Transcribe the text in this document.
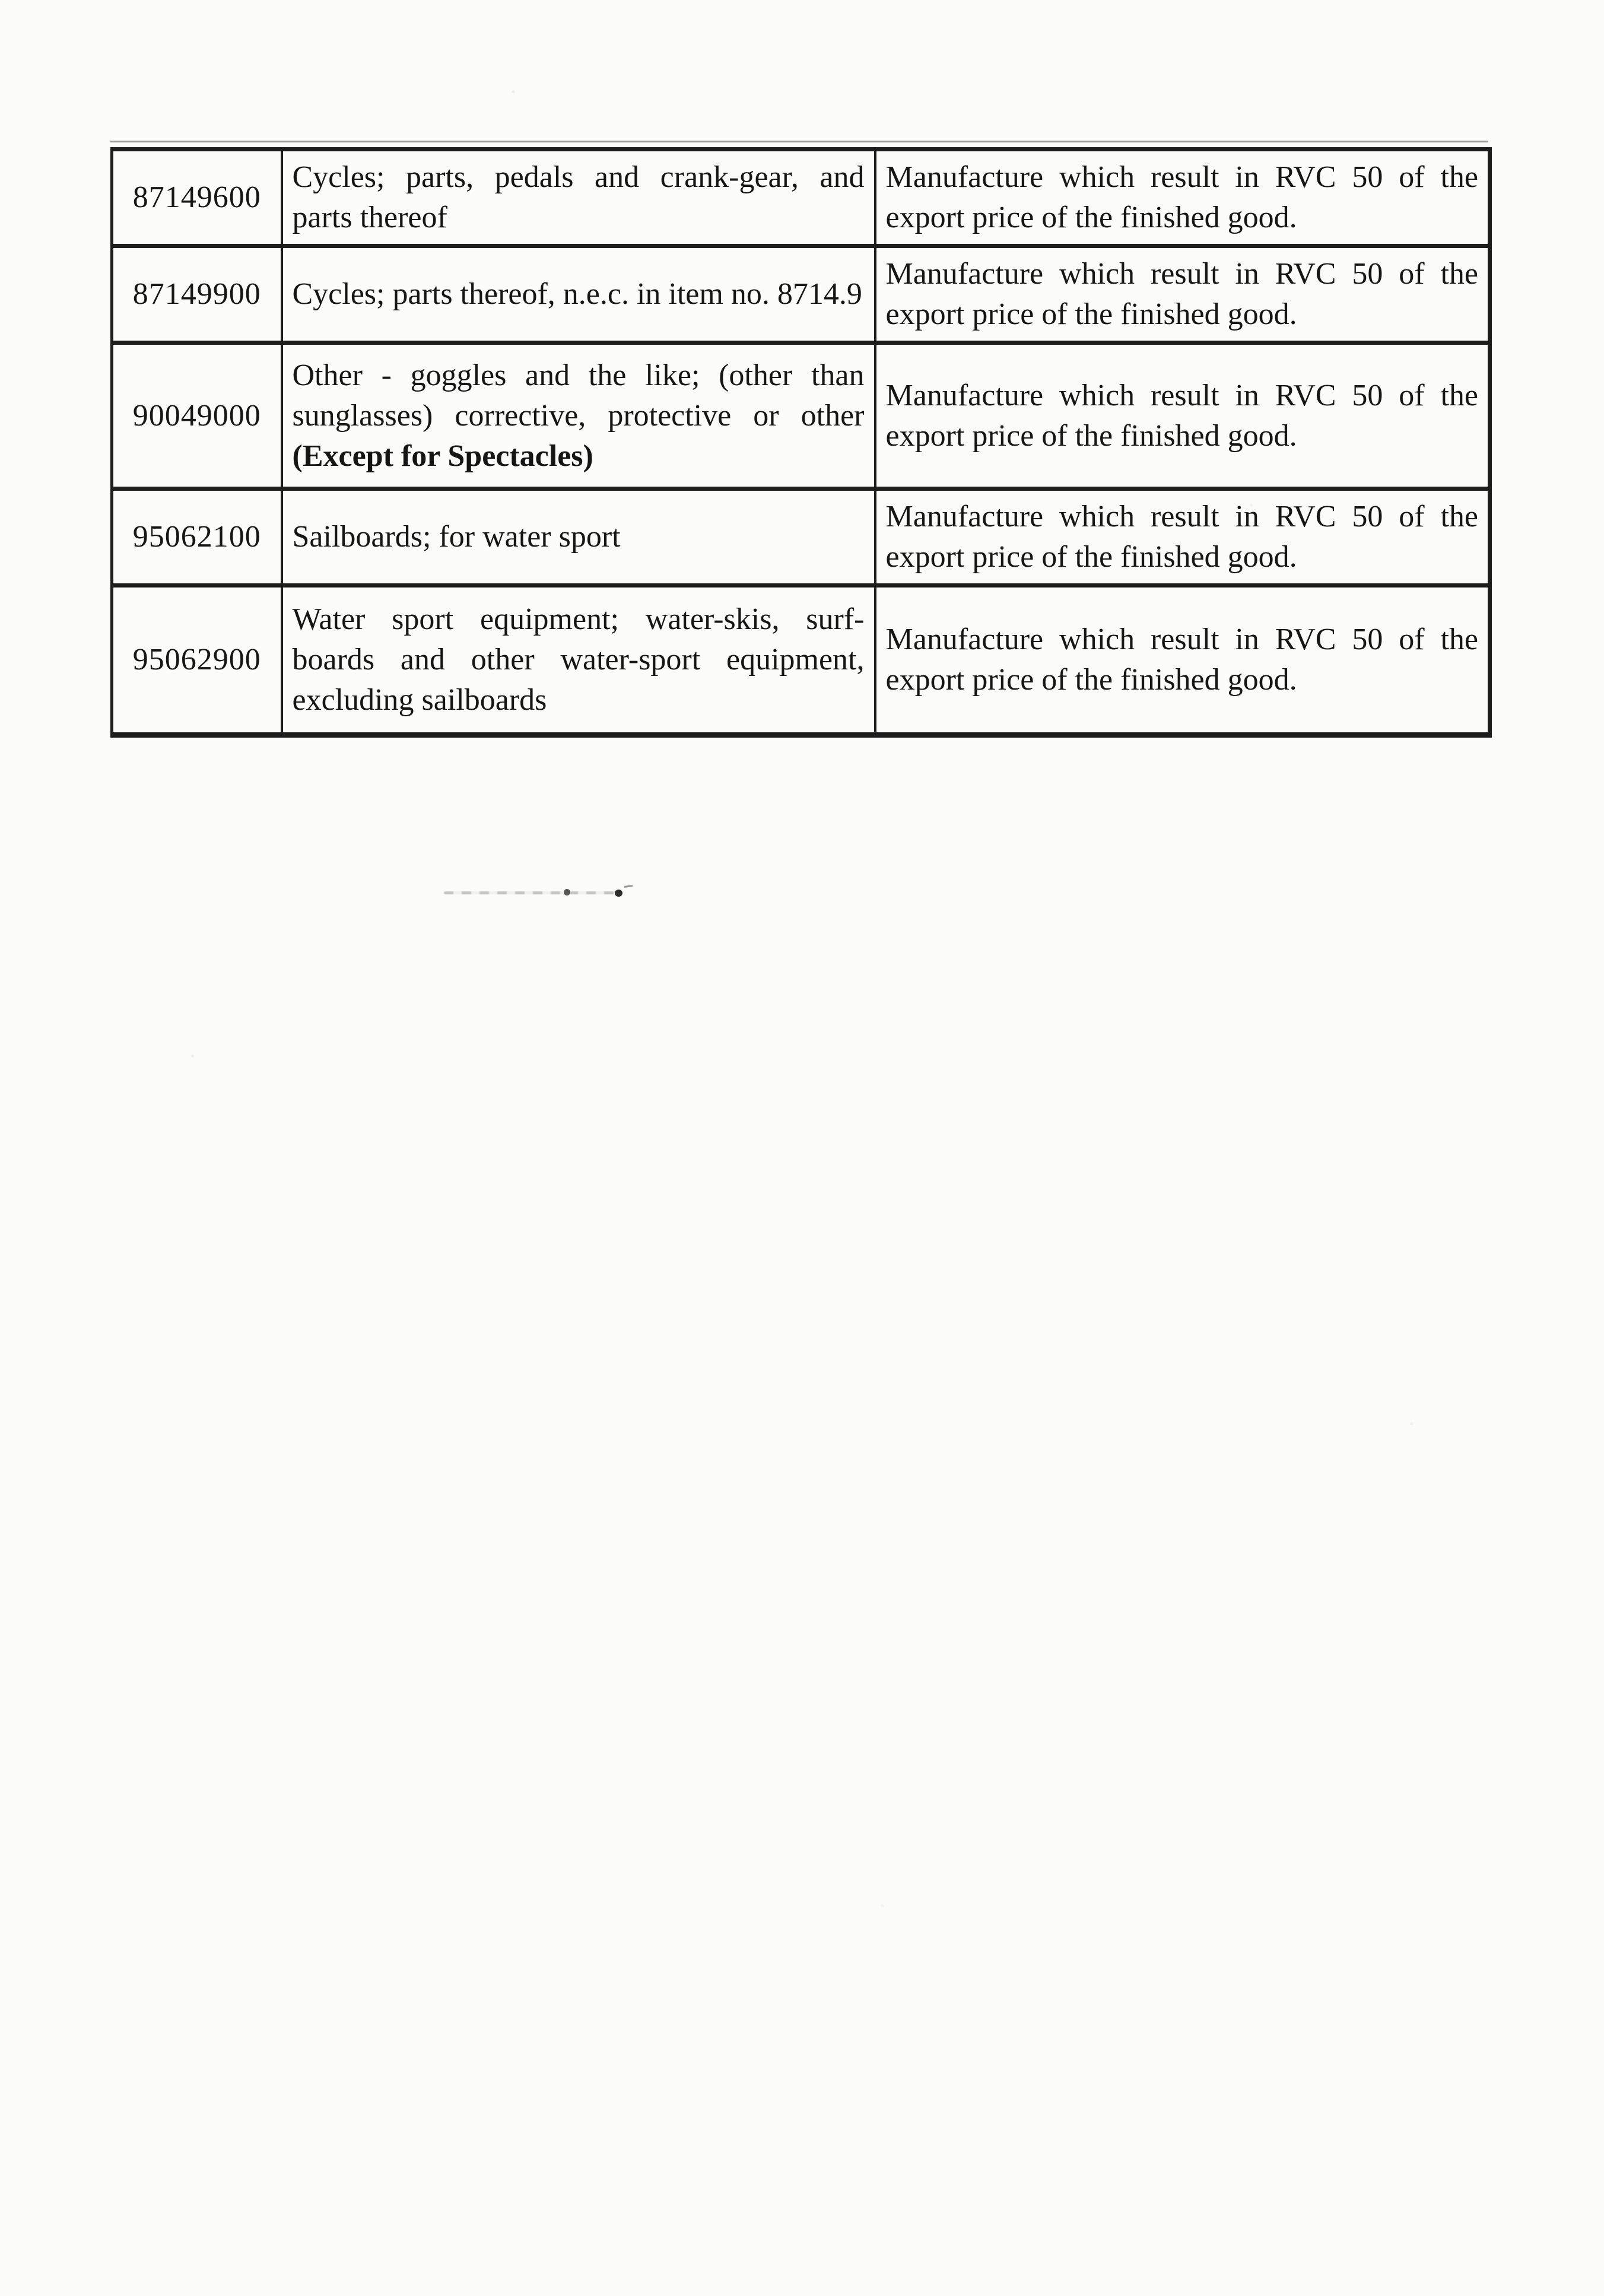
87149600	Cycles; parts, pedals and crank-gear, and parts thereof	Manufacture which result in RVC 50 of the export price of the finished good.
87149900	Cycles; parts thereof, n.e.c. in item no. 8714.9	Manufacture which result in RVC 50 of the export price of the finished good.
90049000	Other - goggles and the like; (other than sunglasses) corrective, protective or other (Except for Spectacles)	Manufacture which result in RVC 50 of the export price of the finished good.
95062100	Sailboards; for water sport	Manufacture which result in RVC 50 of the export price of the finished good.
95062900	Water sport equipment; water-skis, surf-boards and other water-sport equipment, excluding sailboards	Manufacture which result in RVC 50 of the export price of the finished good.
